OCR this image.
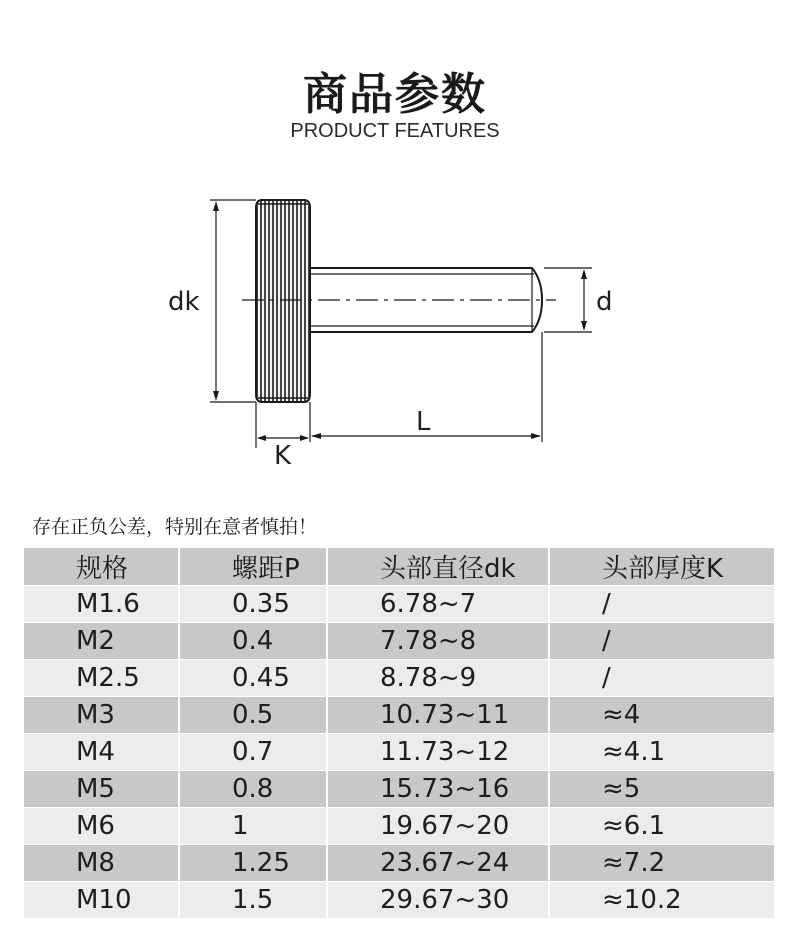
商品参数
PRODUCT FEATURES
dk	d
L
K
存在正负公差，特别在意者慎拍！
规格	螺距P	头部直径dk	头部厚度K
M1.6	0.35	6.78~7	/
M2	0.4	7.78~8	/
M2.5	0.45	8.78~9	/
M3	0.5	10.73~11	≈4
M4	0.7	11.73~12	≈4.1
M5	0.8	15.73~16	≈5
M6	1	19.67~20	≈6.1
M8	1.25	23.67~24	≈7.2
M10	1.5	29.67~30	≈10.2
